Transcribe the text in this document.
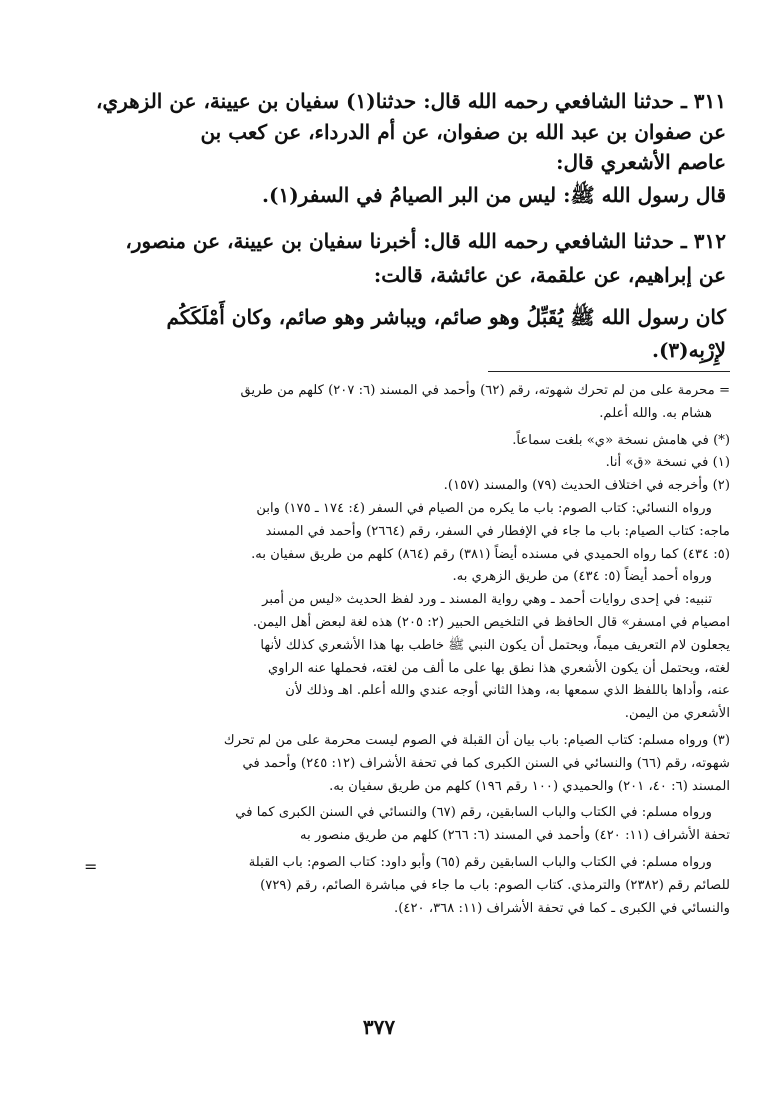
٣١١ ـ حدثنا الشافعي رحمه الله قال: حدثنا(١) سفيان بن عيينة، عن الزهري،
عن صفوان بن عبد الله بن صفوان، عن أم الدرداء، عن كعب بن
عاصم الأشعري قال:
قال رسول الله ﷺ: ليس من البر الصيامُ في السفر(١).
٣١٢ ـ حدثنا الشافعي رحمه الله قال: أخبرنا سفيان بن عيينة، عن منصور،
عن إبراهيم، عن علقمة، عن عائشة، قالت:
كان رسول الله ﷺ يُقَبِّلُ وهو صائم، ويباشر وهو صائم، وكان أَمْلَكَكُم
لإِرْبِه(٣).
= محرمة على من لم تحرك شهوته، رقم (٦٢) وأحمد في المسند (٦: ٢٠٧) كلهم من طريق
هشام به. والله أعلم.
(*) في هامش نسخة «ي» بلغت سماعاً.
(١) في نسخة «ق» أنا.
(٢) وأخرجه في اختلاف الحديث (٧٩) والمسند (١٥٧).
ورواه النسائي: كتاب الصوم: باب ما يكره من الصيام في السفر (٤: ١٧٤ ـ ١٧٥) وابن
ماجه: كتاب الصيام: باب ما جاء في الإفطار في السفر، رقم (٢٦٦٤) وأحمد في المسند
(٥: ٤٣٤) كما رواه الحميدي في مسنده أيضاً (٣٨١) رقم (٨٦٤) كلهم من طريق سفيان به.
ورواه أحمد أيضاً (٥: ٤٣٤) من طريق الزهري به.
تنبيه: في إحدى روايات أحمد ـ وهي رواية المسند ـ ورد لفظ الحديث «ليس من أمبر
امصيام في امسفر» قال الحافظ في التلخيص الحبير (٢: ٢٠٥) هذه لغة لبعض أهل اليمن.
يجعلون لام التعريف ميماً، ويحتمل أن يكون النبي ﷺ خاطب بها هذا الأشعري كذلك لأنها
لغته، ويحتمل أن يكون الأشعري هذا نطق بها على ما ألف من لغته، فحملها عنه الراوي
عنه، وأداها باللفظ الذي سمعها به، وهذا الثاني أوجه عندي والله أعلم. اهـ وذلك لأن
الأشعري من اليمن.
(٣) ورواه مسلم: كتاب الصيام: باب بيان أن القبلة في الصوم ليست محرمة على من لم تحرك
شهوته، رقم (٦٦) والنسائي في السنن الكبرى كما في تحفة الأشراف (١٢: ٢٤٥) وأحمد في
المسند (٦: ٤٠، ٢٠١) والحميدي (١٠٠ رقم ١٩٦) كلهم من طريق سفيان به.
ورواه مسلم: في الكتاب والباب السابقين، رقم (٦٧) والنسائي في السنن الكبرى كما في
تحفة الأشراف (١١: ٤٢٠) وأحمد في المسند (٦: ٢٦٦) كلهم من طريق منصور به
ورواه مسلم: في الكتاب والباب السابقين رقم (٦٥) وأبو داود: كتاب الصوم: باب القبلة
للصائم رقم (٢٣٨٢) والترمذي. كتاب الصوم: باب ما جاء في مباشرة الصائم، رقم (٧٢٩)
والنسائي في الكبرى ـ كما في تحفة الأشراف (١١: ٣٦٨، ٤٢٠).
=
٣٧٧
